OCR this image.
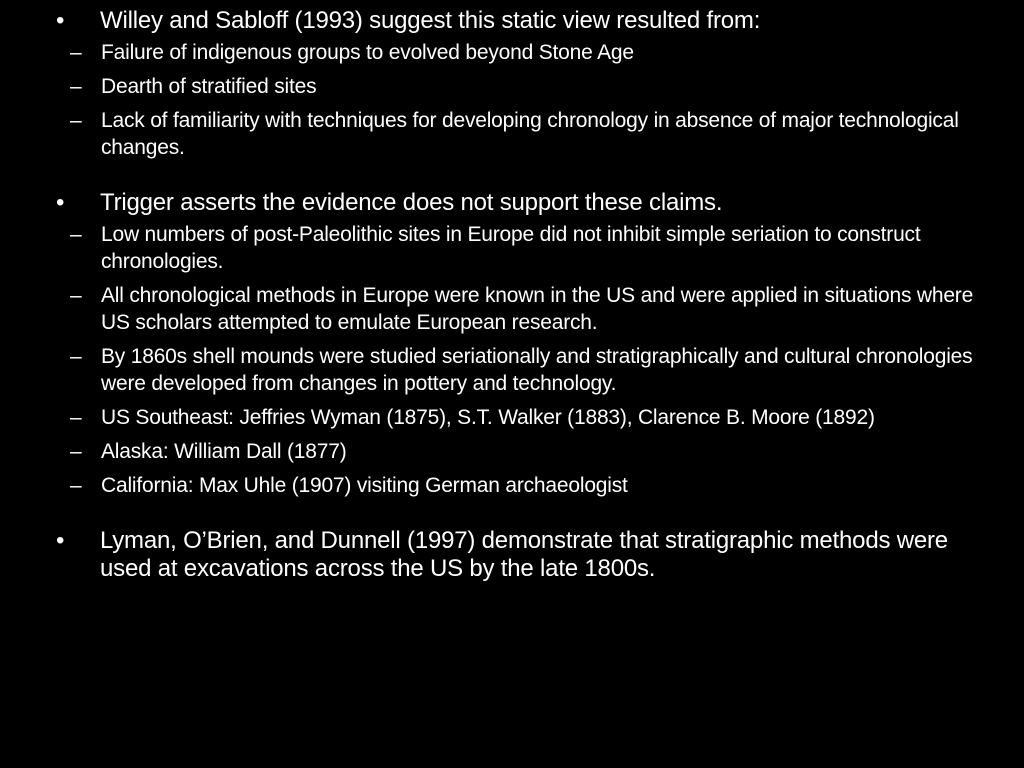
•	Willey and Sabloff (1993) suggest this static view resulted from:
– Failure of indigenous groups to evolved beyond Stone Age
– Dearth of stratified sites
– Lack of familiarity with techniques for developing chronology in absence of major technological changes.
•	Trigger asserts the evidence does not support these claims.
– Low numbers of post-Paleolithic sites in Europe did not inhibit simple seriation to construct chronologies.
– All chronological methods in Europe were known in the US and were applied in situations where US scholars attempted to emulate European research.
– By 1860s shell mounds were studied seriationally and stratigraphically and cultural chronologies were developed from changes in pottery and technology.
– US Southeast: Jeffries Wyman (1875), S.T. Walker (1883), Clarence B. Moore (1892)
– Alaska: William Dall (1877)
– California: Max Uhle (1907) visiting German archaeologist
•	Lyman, O’Brien, and Dunnell (1997) demonstrate that stratigraphic methods were used at excavations across the US by the late 1800s.
